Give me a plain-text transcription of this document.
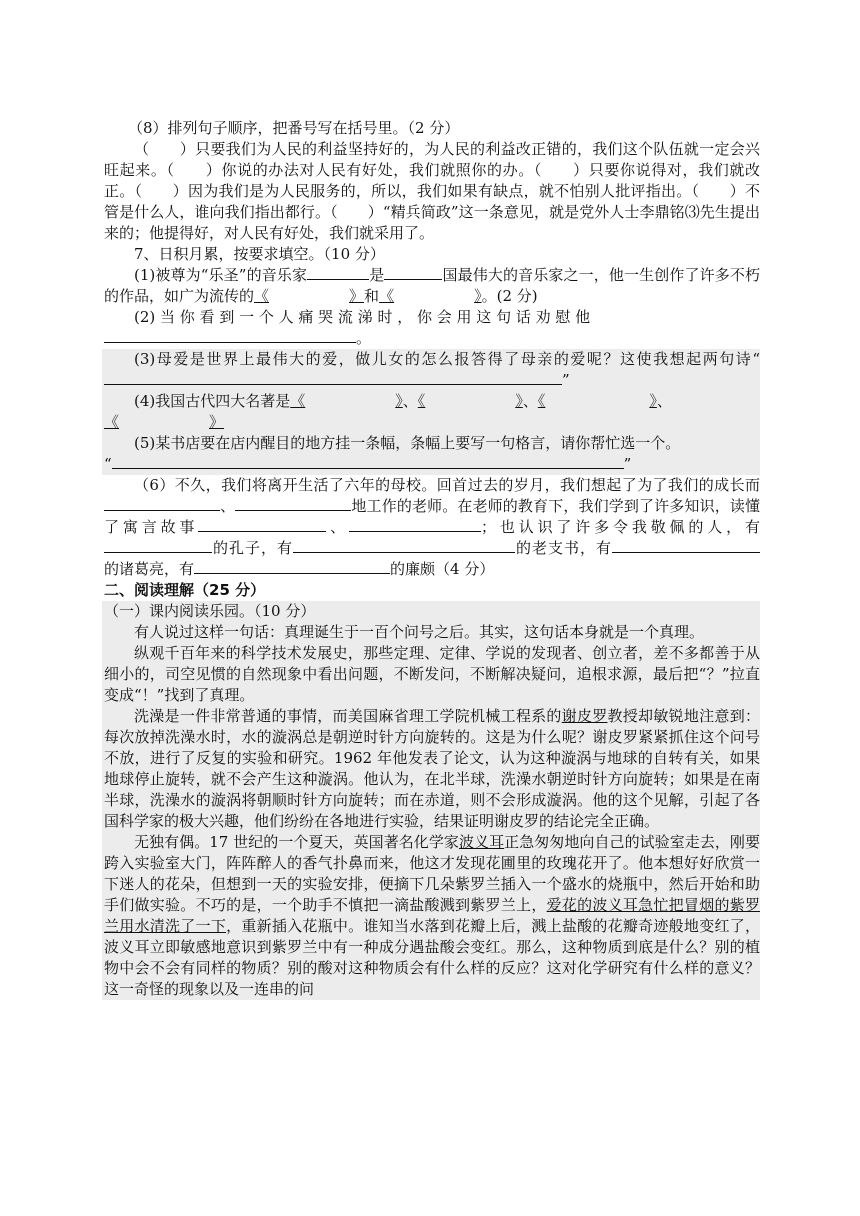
（8）排列句子顺序，把番号写在括号里。（2 分）

（　　）只要我们为人民的利益坚持好的，为人民的利益改正错的，我们这个队伍就一定会兴旺起来。（　　）你说的办法对人民有好处，我们就照你的办。（　　）只要你说得对，我们就改正。（　　）因为我们是为人民服务的，所以，我们如果有缺点，就不怕别人批评指出。（　　）不管是什么人，谁向我们指出都行。（　　）“精兵简政”这一条意见，就是党外人士李鼎铭⑶先生提出来的；他提得好，对人民有好处，我们就采用了。

7、日积月累，按要求填空。（10 分）

(1)被尊为“乐圣”的音乐家	是	国最伟大的音乐家之一，他一生创作了许多不朽的作品，如广为流传的《	》和《	》。(2 分)

(2) 当 你 看 到 一 个 人 痛 哭 流 涕 时 ， 你 会 用 这 句 话 劝 慰 他
。

(3)母爱是世界上最伟大的爱，做儿女的怎么报答得了母亲的爱呢？这使我想起两句诗“”

(4)我国古代四大名著是《	》、《	》、《	》、
《	》

(5)某书店要在店内醒目的地方挂一条幅，条幅上要写一句格言，请你帮忙选一个。
“	”

（6）不久，我们将离开生活了六年的母校。回首过去的岁月，我们想起了为了我们的成长而、	地工作的老师。在老师的教育下，我们学到了许多知识，读懂了寓言故事	、	；也认识了许多令我敬佩的人，有的孔子，有	的老支书，有的诸葛亮，有	的廉颇（4 分）

二、阅读理解（25 分）

（一）课内阅读乐园。（10 分）

有人说过这样一句话：真理诞生于一百个问号之后。其实，这句话本身就是一个真理。

纵观千百年来的科学技术发展史，那些定理、定律、学说的发现者、创立者，差不多都善于从细小的，司空见惯的自然现象中看出问题，不断发问，不断解决疑问，追根求源，最后把“？”拉直变成“！”找到了真理。

洗澡是一件非常普通的事情，而美国麻省理工学院机械工程系的谢皮罗教授却敏锐地注意到：每次放掉洗澡水时，水的漩涡总是朝逆时针方向旋转的。这是为什么呢？谢皮罗紧紧抓住这个问号不放，进行了反复的实验和研究。1962 年他发表了论文，认为这种漩涡与地球的自转有关，如果地球停止旋转，就不会产生这种漩涡。他认为，在北半球，洗澡水朝逆时针方向旋转；如果是在南半球，洗澡水的漩涡将朝顺时针方向旋转；而在赤道，则不会形成漩涡。他的这个见解，引起了各国科学家的极大兴趣，他们纷纷在各地进行实验，结果证明谢皮罗的结论完全正确。

无独有偶。17 世纪的一个夏天，英国著名化学家波义耳正急匆匆地向自己的试验室走去，刚要跨入实验室大门，阵阵醉人的香气扑鼻而来，他这才发现花圃里的玫瑰花开了。他本想好好欣赏一下迷人的花朵，但想到一天的实验安排，便摘下几朵紫罗兰插入一个盛水的烧瓶中，然后开始和助手们做实验。不巧的是，一个助手不慎把一滴盐酸溅到紫罗兰上，爱花的波义耳急忙把冒烟的紫罗兰用水清洗了一下，重新插入花瓶中。谁知当水落到花瓣上后，溅上盐酸的花瓣奇迹般地变红了，波义耳立即敏感地意识到紫罗兰中有一种成分遇盐酸会变红。那么，这种物质到底是什么？别的植物中会不会有同样的物质？别的酸对这种物质会有什么样的反应？这对化学研究有什么样的意义？这一奇怪的现象以及一连串的问
